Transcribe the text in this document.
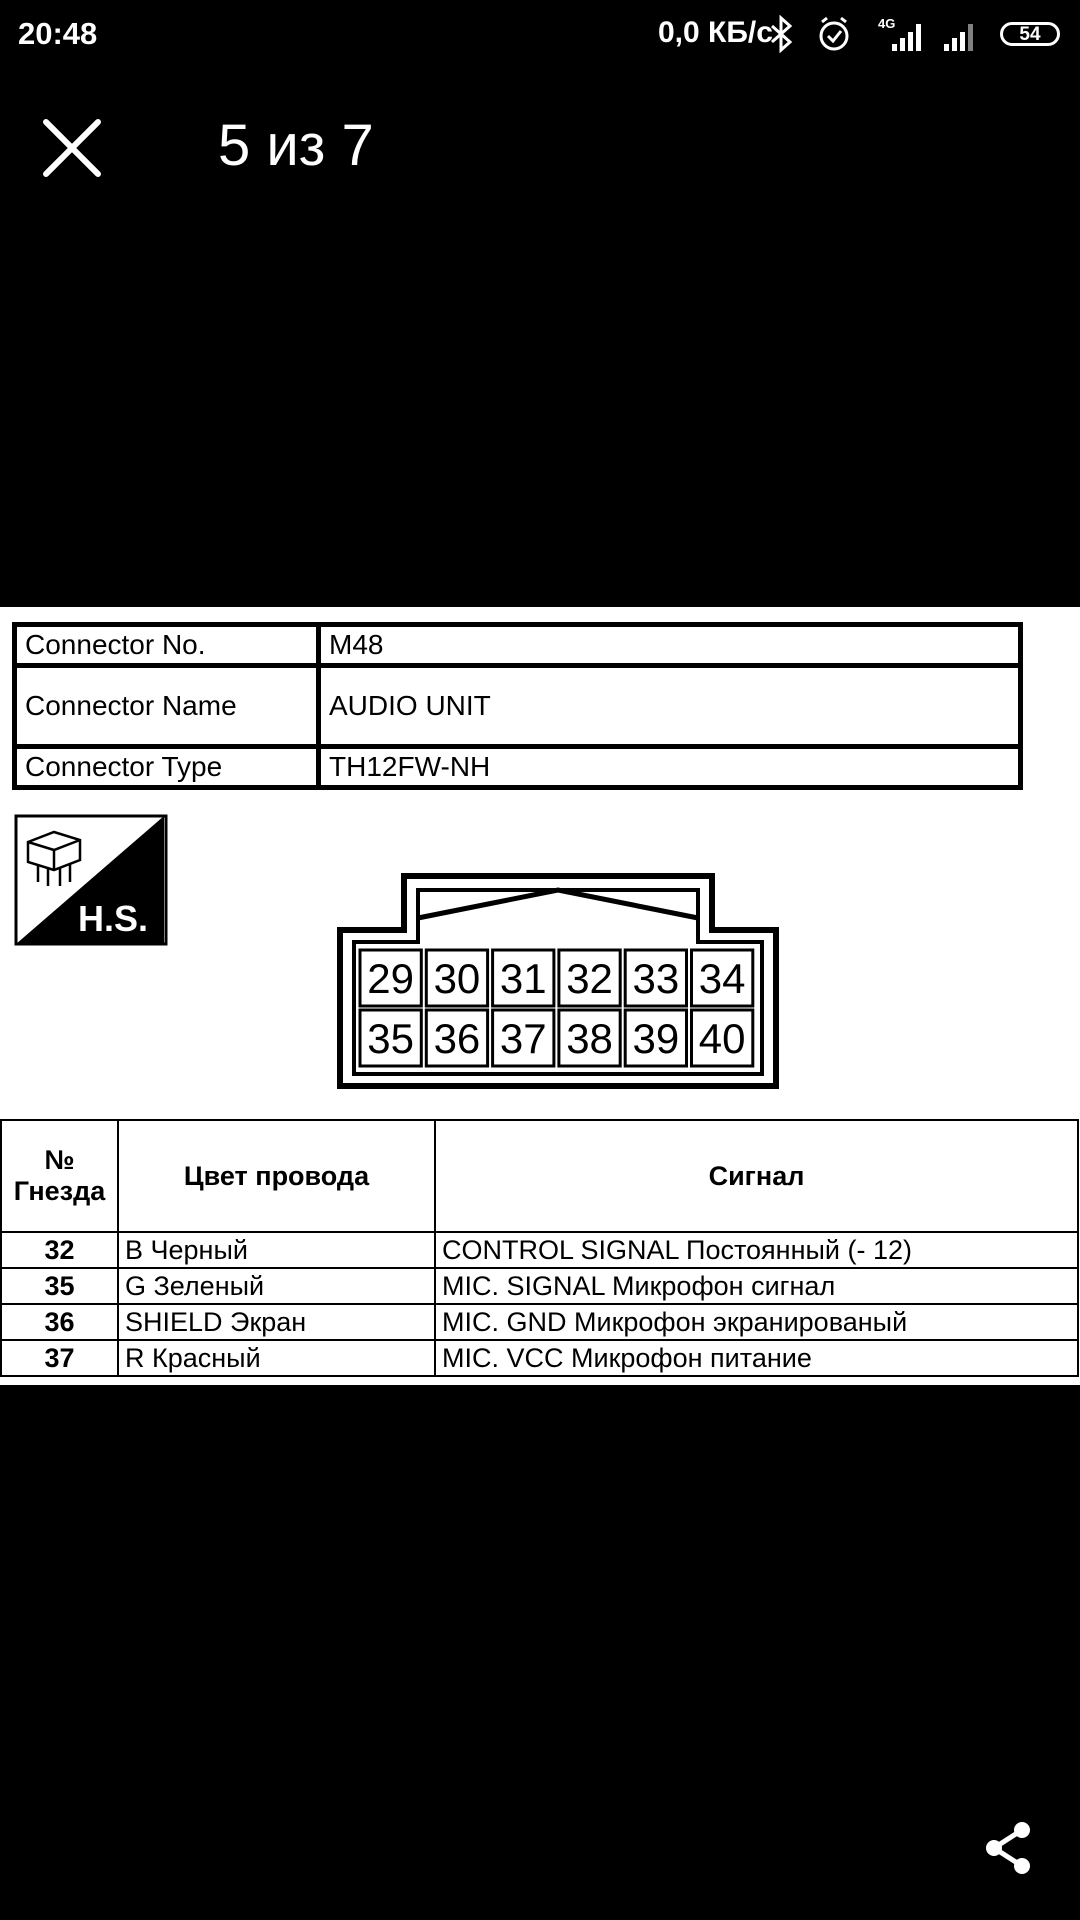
20:48	0,0 КБ/с	4G
54
5 из 7
Connector No.	M48
Connector Name	AUDIO UNIT
Connector Type	TH12FW-NH
H.S.
29 30 31 32 33 34
35 36 37 38 39 40
№
Гнезда	Цвет провода	Сигнал
32	B Черный	CONTROL SIGNAL Постоянный (- 12)
35	G Зеленый	MIC. SIGNAL Микрофон сигнал
36	SHIELD Экран	MIC. GND Микрофон экранированый
37	R Красный	MIC. VCC Микрофон питание
